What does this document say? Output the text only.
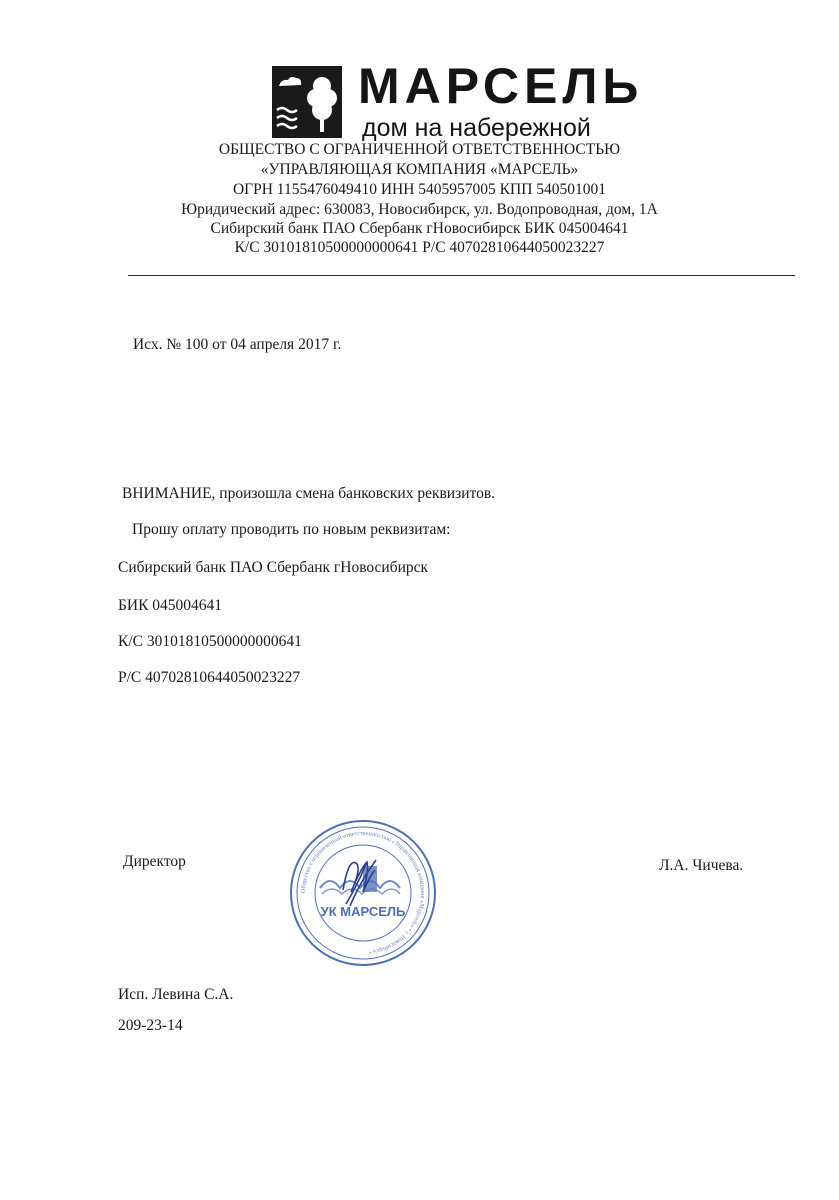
МАРСЕЛЬ
дом на набережной
ОБЩЕСТВО С ОГРАНИЧЕННОЙ ОТВЕТСТВЕННОСТЬЮ
«УПРАВЛЯЮЩАЯ КОМПАНИЯ «МАРСЕЛЬ»
ОГРН 1155476049410 ИНН 5405957005 КПП 540501001
Юридический адрес: 630083, Новосибирск, ул. Водопроводная, дом, 1А
Сибирский банк ПАО Сбербанк гНовосибирск БИК 045004641
К/С 30101810500000000641 Р/С 40702810644050023227
Исх. № 100 от 04 апреля 2017 г.
ВНИМАНИЕ, произошла смена банковских реквизитов.
Прошу оплату проводить по новым реквизитам:
Сибирский банк ПАО Сбербанк гНовосибирск
БИК 045004641
К/С 30101810500000000641
Р/С 40702810644050023227
Директор	Л.А. Чичева.
Общество с ограниченной ответственностью «Управляющая компания «Марсель» • г. Новосибирск •
УК МАРСЕЛЬ
Исп. Левина С.А.
209-23-14
